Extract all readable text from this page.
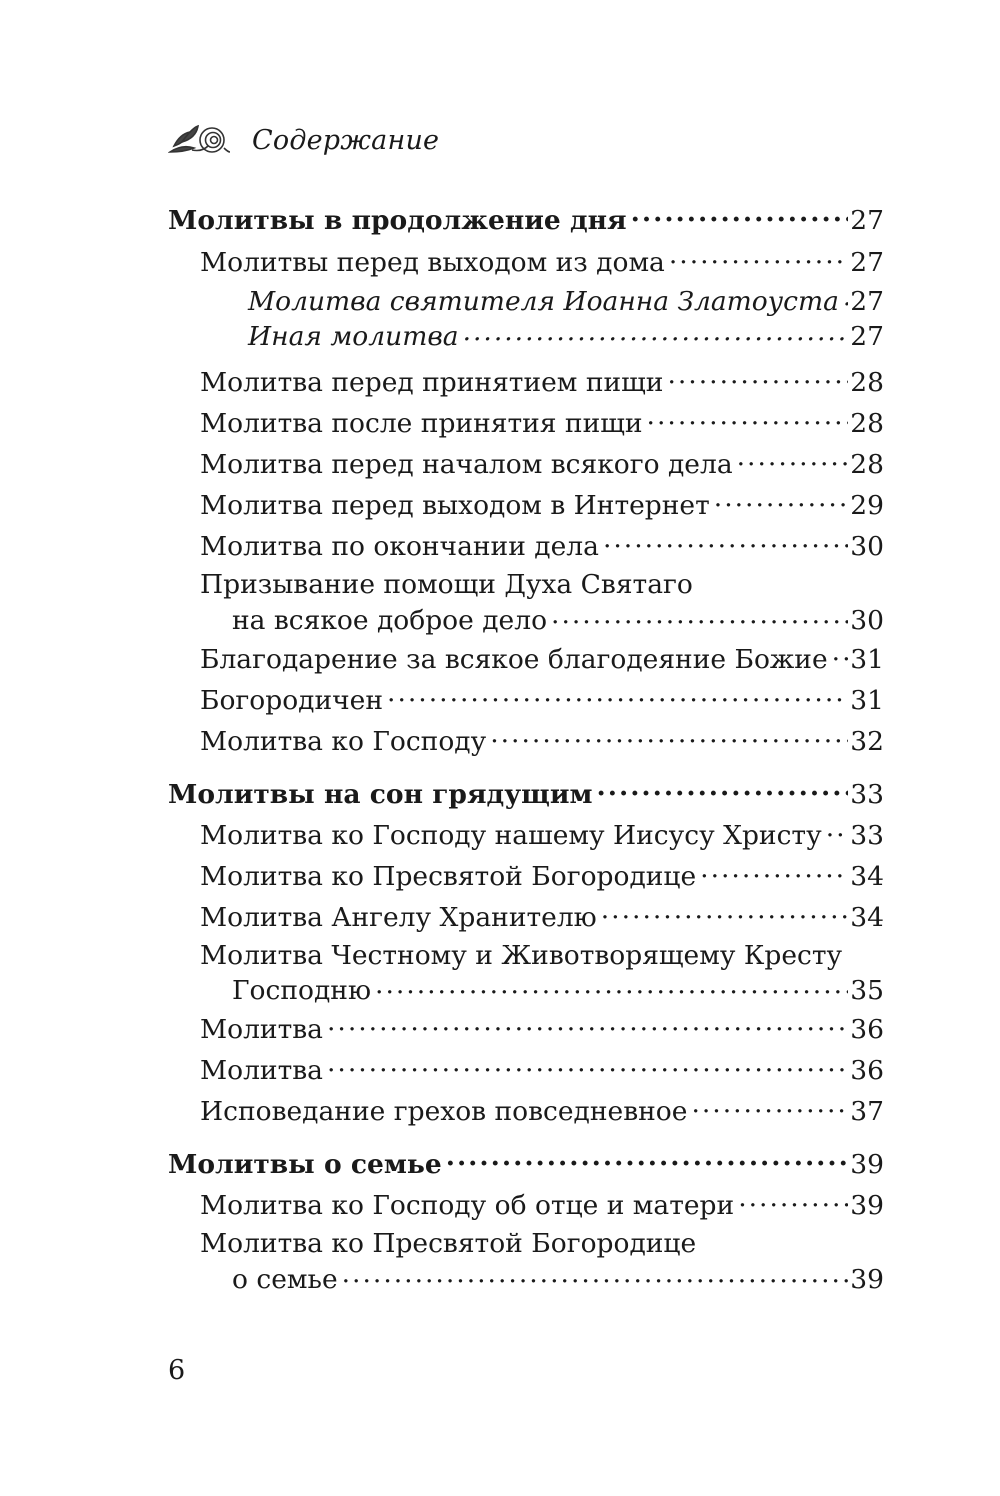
Содержание
Молитвы в продолжение дня .....	27
Молитвы перед выходом из дома .....	27
Молитва святителя Иоанна Златоуста ..... 27
Иная молитва .....	27
Молитва перед принятием пищи .....	28
Молитва после принятия пищи .....	28
Молитва перед началом всякого дела .....	28
Молитва перед выходом в Интернет .....	29
Молитва по окончании дела .....	30
Призывание помощи Духа Святаго
на всякое доброе дело .....	30
Благодарение за всякое благодеяние Божие ..... 31
Богородичен .....	31
Молитва ко Господу .....	32
Молитвы на сон грядущим .....	33
Молитва ко Господу нашему Иисусу Христу ..... 33
Молитва ко Пресвятой Богородице .....	34
Молитва Ангелу Хранителю .....	34
Молитва Честному и Животворящему Кресту
Господню .....	35
Молитва .....	36
Молитва .....	36
Исповедание грехов повседневное .....	37
Молитвы о семье .....	39
Молитва ко Господу об отце и матери .....	39
Молитва ко Пресвятой Богородице
о семье .....	39
6
